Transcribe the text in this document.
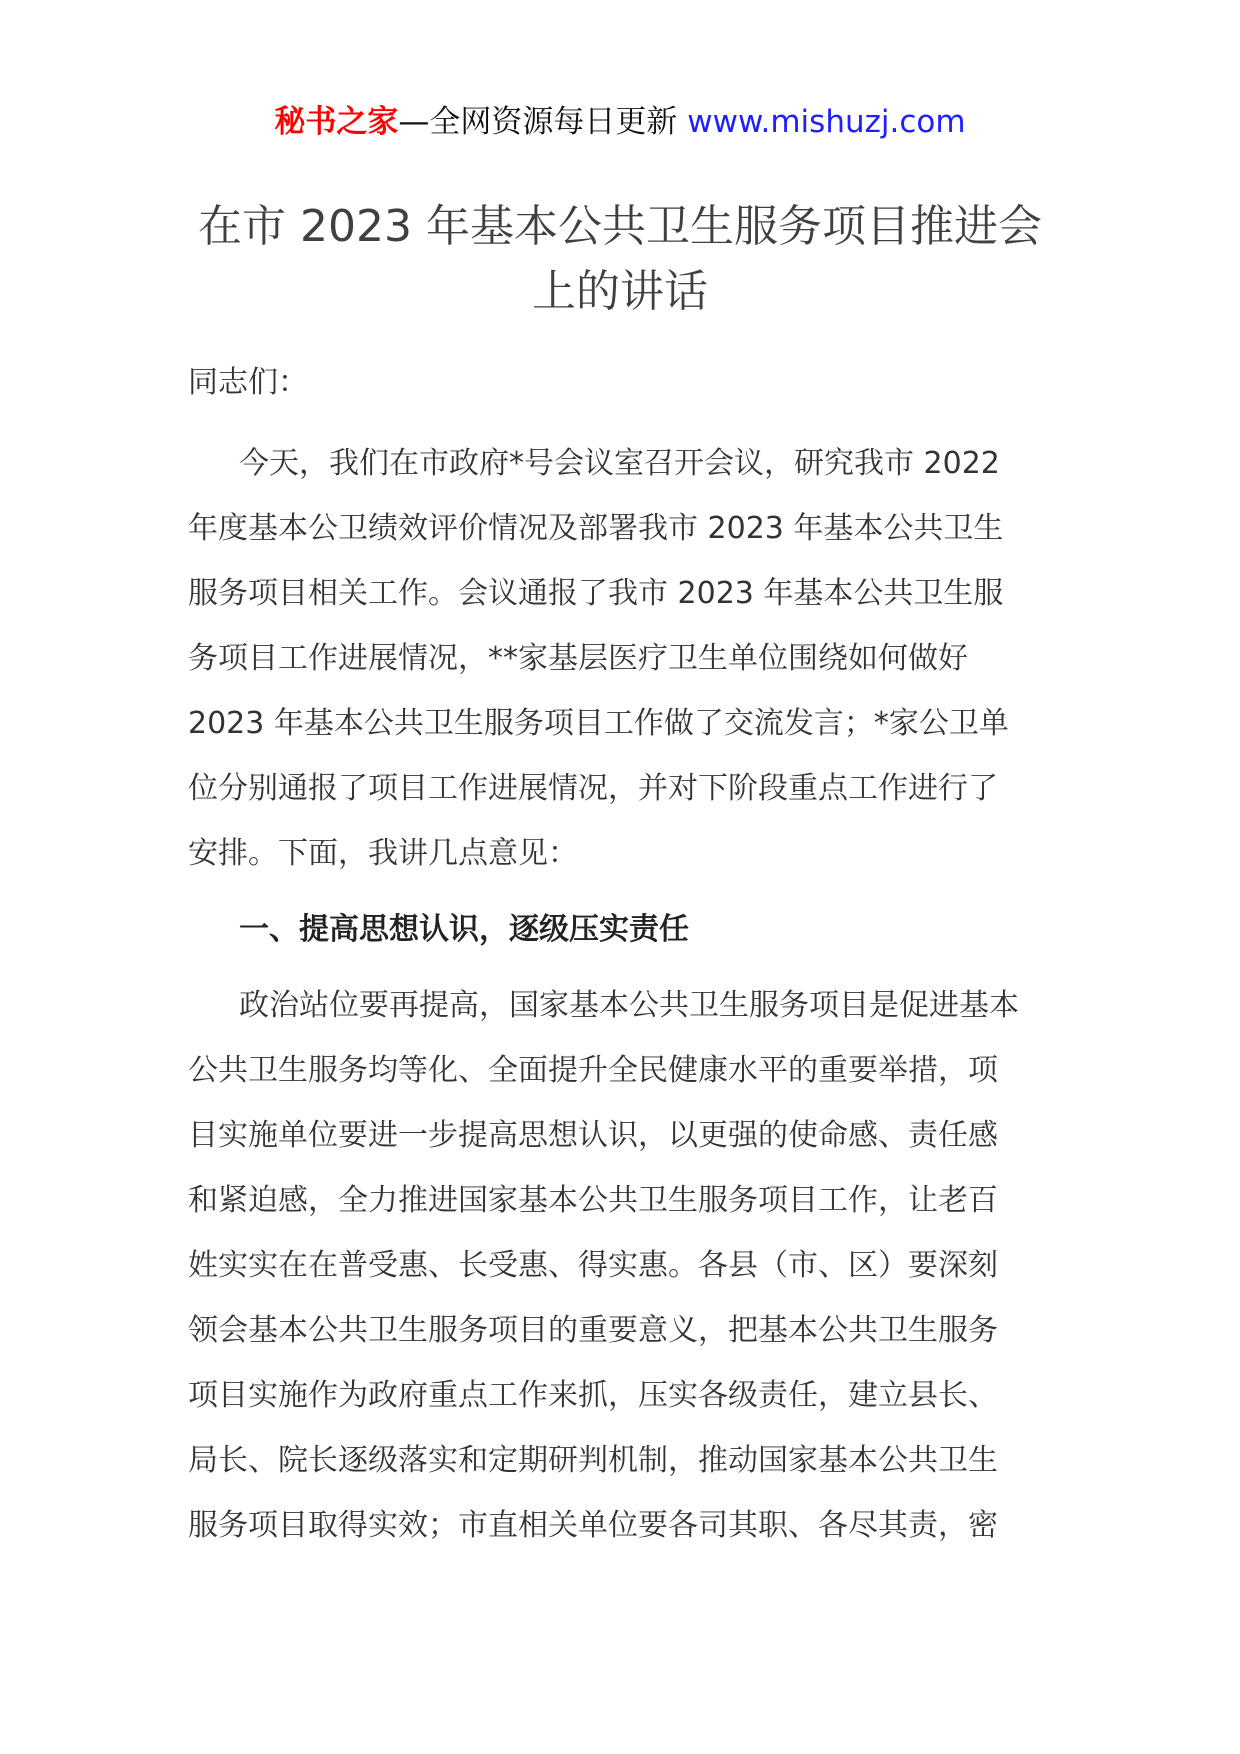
秘书之家—全网资源每日更新 www.mishuzj.com
在市 2023 年基本公共卫生服务项目推进会
上的讲话
同志们：
今天，我们在市政府*号会议室召开会议，研究我市 2022
年度基本公卫绩效评价情况及部署我市 2023 年基本公共卫生
服务项目相关工作。会议通报了我市 2023 年基本公共卫生服
务项目工作进展情况，**家基层医疗卫生单位围绕如何做好
2023 年基本公共卫生服务项目工作做了交流发言；*家公卫单
位分别通报了项目工作进展情况，并对下阶段重点工作进行了
安排。下面，我讲几点意见：
一、提高思想认识，逐级压实责任
政治站位要再提高，国家基本公共卫生服务项目是促进基本
公共卫生服务均等化、全面提升全民健康水平的重要举措，项
目实施单位要进一步提高思想认识，以更强的使命感、责任感
和紧迫感，全力推进国家基本公共卫生服务项目工作，让老百
姓实实在在普受惠、长受惠、得实惠。各县（市、区）要深刻
领会基本公共卫生服务项目的重要意义，把基本公共卫生服务
项目实施作为政府重点工作来抓，压实各级责任，建立县长、
局长、院长逐级落实和定期研判机制，推动国家基本公共卫生
服务项目取得实效；市直相关单位要各司其职、各尽其责，密
